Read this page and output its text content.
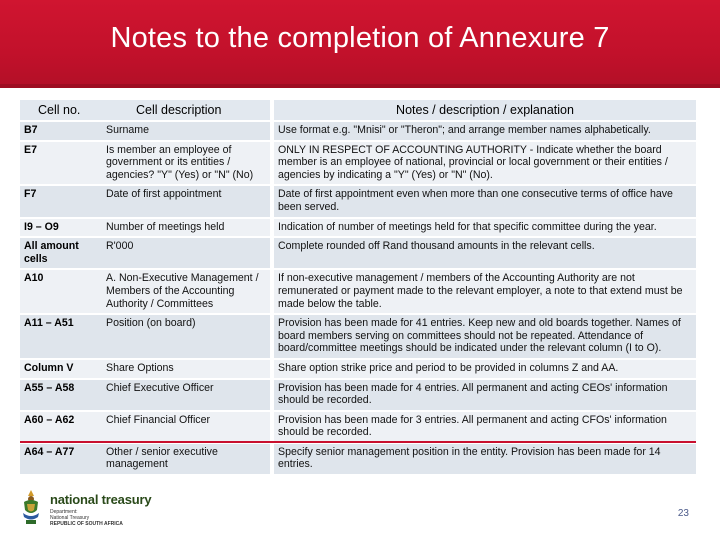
Notes to the completion of Annexure 7
Cell no.	Cell description		Notes / description / explanation
B7	Surname		Use format e.g. "Mnisi" or "Theron"; and arrange member names alphabetically.
E7	Is member an employee of government or its entities / agencies? "Y" (Yes) or "N" (No)		ONLY IN RESPECT OF ACCOUNTING AUTHORITY - Indicate whether the board member is an employee of national, provincial or local government or their entities / agencies by indicating a "Y" (Yes) or "N" (No).
F7	Date of first appointment		Date of first appointment even when more than one consecutive terms of office have been served.
I9 – O9	Number of meetings held		Indication of number of meetings held for that specific committee during the year.
All amount cells	R'000		Complete rounded off Rand thousand amounts in the relevant cells.
A10	A. Non-Executive Management / Members of the Accounting Authority / Committees		If non-executive management / members of the Accounting Authority are not remunerated or payment made to the relevant employer, a note to that extend must be made below the table.
A11 – A51	Position (on board)		Provision has been made for 41 entries. Keep new and old boards together. Names of board members serving on committees should not be repeated. Attendance of board/committee meetings should be indicated under the relevant column (I to O).
Column V	Share Options		Share option strike price and period to be provided in columns Z and AA.
A55 – A58	Chief Executive Officer		Provision has been made for 4 entries. All permanent and acting CEOs' information should be recorded.
A60 – A62	Chief Financial Officer		Provision has been made for 3 entries. All permanent and acting CFOs' information should be recorded.
A64 – A77	Other / senior executive management		Specify senior management position in the entity. Provision has been made for 14 entries.
national treasury
Department:
National Treasury
REPUBLIC OF SOUTH AFRICA
23
